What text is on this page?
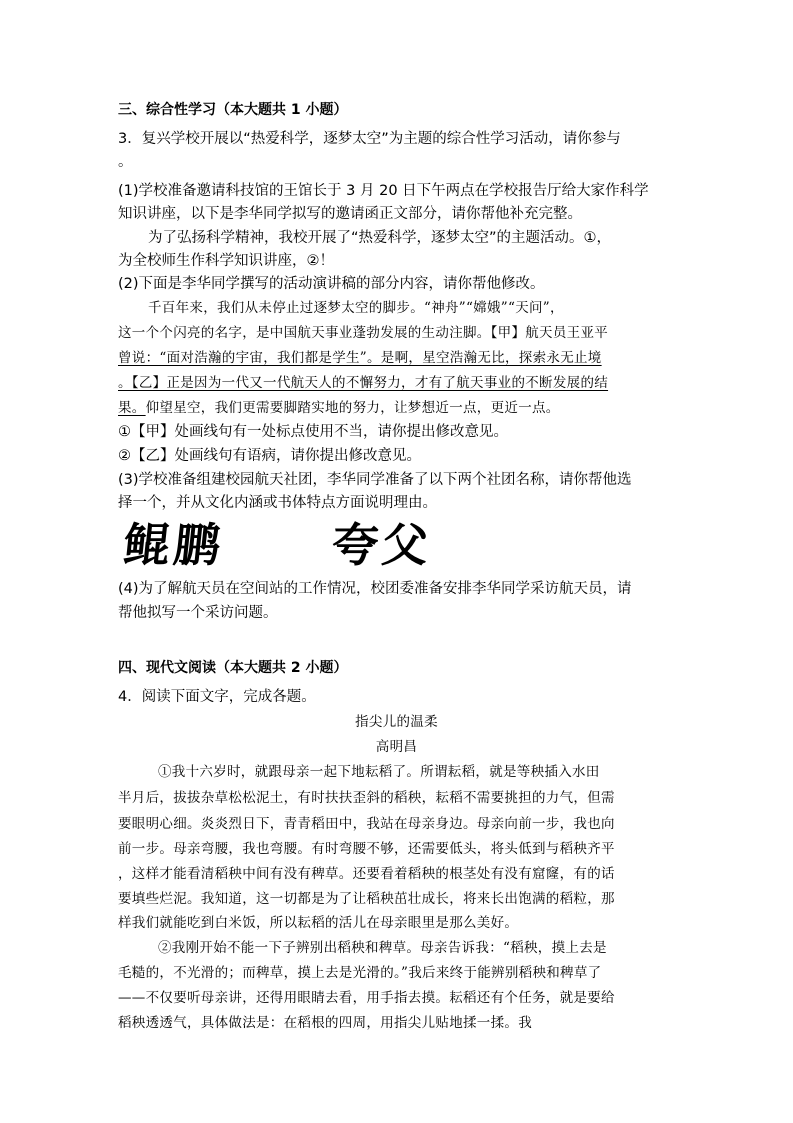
三、综合性学习（本大题共 1 小题）
3．复兴学校开展以“热爱科学，逐梦太空”为主题的综合性学习活动，请你参与
。
(1)学校准备邀请科技馆的王馆长于 3 月 20 日下午两点在学校报告厅给大家作科学
知识讲座，以下是李华同学拟写的邀请函正文部分，请你帮他补充完整。
为了弘扬科学精神，我校开展了“热爱科学，逐梦太空”的主题活动。①，
为全校师生作科学知识讲座，②！
(2)下面是李华同学撰写的活动演讲稿的部分内容，请你帮他修改。
千百年来，我们从未停止过逐梦太空的脚步。“神舟”“嫦娥”“天问”，
这一个个闪亮的名字，是中国航天事业蓬勃发展的生动注脚。【甲】航天员王亚平
曾说：“面对浩瀚的宇宙，我们都是学生”。是啊，星空浩瀚无比，探索永无止境
。【乙】正是因为一代又一代航天人的不懈努力，才有了航天事业的不断发展的结
果。仰望星空，我们更需要脚踏实地的努力，让梦想近一点，更近一点。
①【甲】处画线句有一处标点使用不当，请你提出修改意见。
②【乙】处画线句有语病，请你提出修改意见。
(3)学校准备组建校园航天社团，李华同学准备了以下两个社团名称，请你帮他选
择一个，并从文化内涵或书体特点方面说明理由。
鲲鹏 夸父
(4)为了解航天员在空间站的工作情况，校团委准备安排李华同学采访航天员，请
帮他拟写一个采访问题。
四、现代文阅读（本大题共 2 小题）
4．阅读下面文字，完成各题。
指尖儿的温柔
高明昌
①我十六岁时，就跟母亲一起下地耘稻了。所谓耘稻，就是等秧插入水田
半月后，拔拔杂草松松泥土，有时扶扶歪斜的稻秧，耘稻不需要挑担的力气，但需
要眼明心细。炎炎烈日下，青青稻田中，我站在母亲身边。母亲向前一步，我也向
前一步。母亲弯腰，我也弯腰。有时弯腰不够，还需要低头，将头低到与稻秧齐平
，这样才能看清稻秧中间有没有稗草。还要看着稻秧的根茎处有没有窟窿，有的话
要填些烂泥。我知道，这一切都是为了让稻秧茁壮成长，将来长出饱满的稻粒，那
样我们就能吃到白米饭，所以耘稻的活儿在母亲眼里是那么美好。
②我刚开始不能一下子辨别出稻秧和稗草。母亲告诉我：“稻秧，摸上去是
毛糙的，不光滑的；而稗草，摸上去是光滑的。”我后来终于能辨别稻秧和稗草了
——不仅要听母亲讲，还得用眼睛去看，用手指去摸。耘稻还有个任务，就是要给
稻秧透透气，具体做法是：在稻根的四周，用指尖儿贴地揉一揉。我
